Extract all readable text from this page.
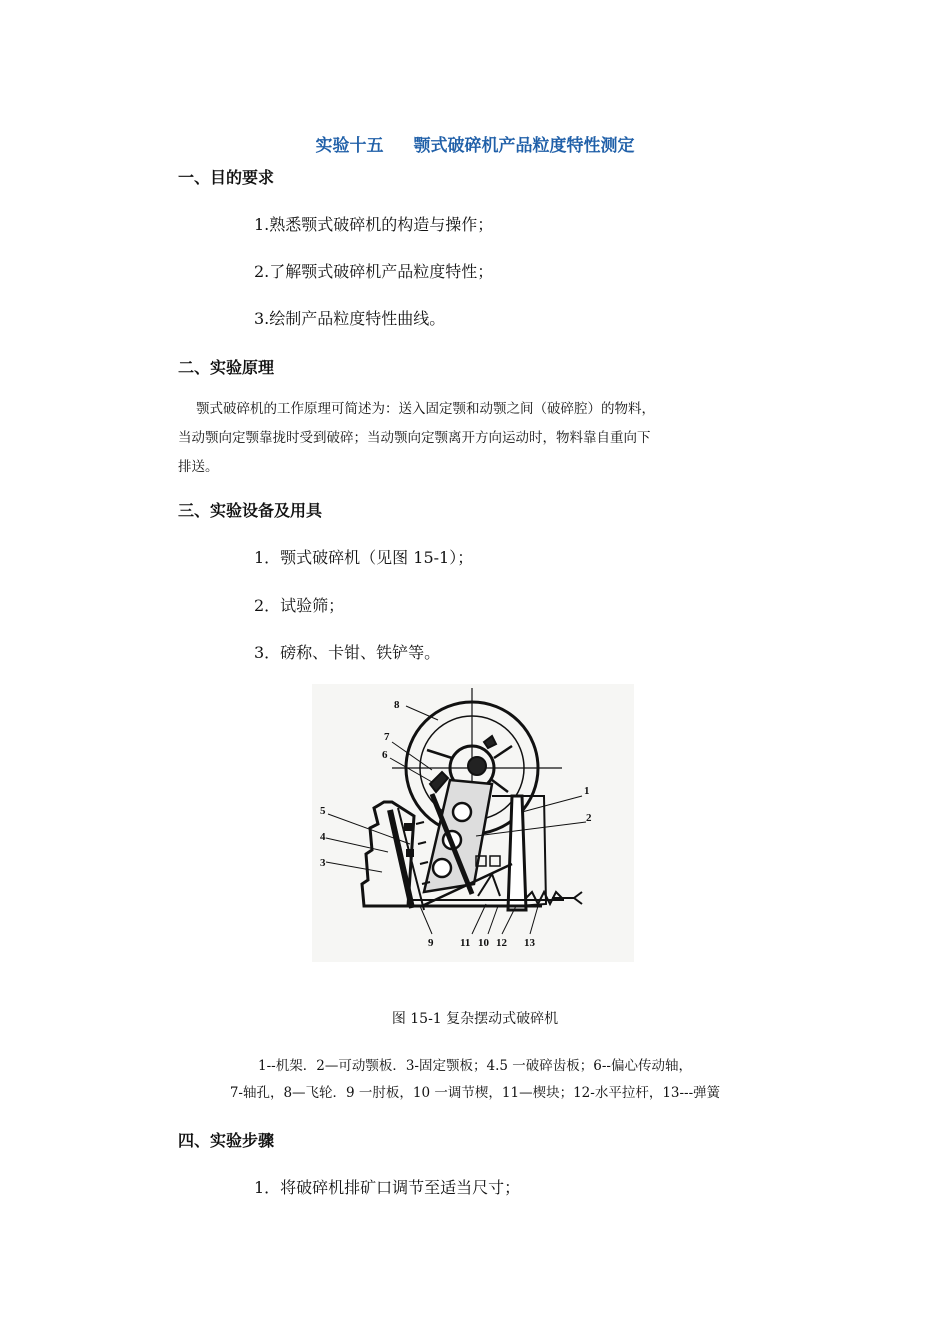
实验十五 颚式破碎机产品粒度特性测定
一、目的要求
1.熟悉颚式破碎机的构造与操作；
2.了解颚式破碎机产品粒度特性；
3.绘制产品粒度特性曲线。
二、实验原理

颚式破碎机的工作原理可简述为：送入固定颚和动颚之间（破碎腔）的物料，

当动颚向定颚靠拢时受到破碎；当动颚向定颚离开方向运动时，物料靠自重向下

排送。

三、实验设备及用具
1．颚式破碎机（见图 15-1）；
2．试验筛；
3．磅称、卡钳、铁铲等。
1
2
3
4
5
6
7
8
9 11 10 12 13
图 15-1 复杂摆动式破碎机
1--机架．2—可动颚板．3-固定颚板；4.5 一破碎齿板；6--偏心传动轴，
7-轴孔，8—飞轮．9 一肘板，10 一调节楔，11—楔块；12-水平拉杆，13---弹簧
四、实验步骤
1．将破碎机排矿口调节至适当尺寸；
